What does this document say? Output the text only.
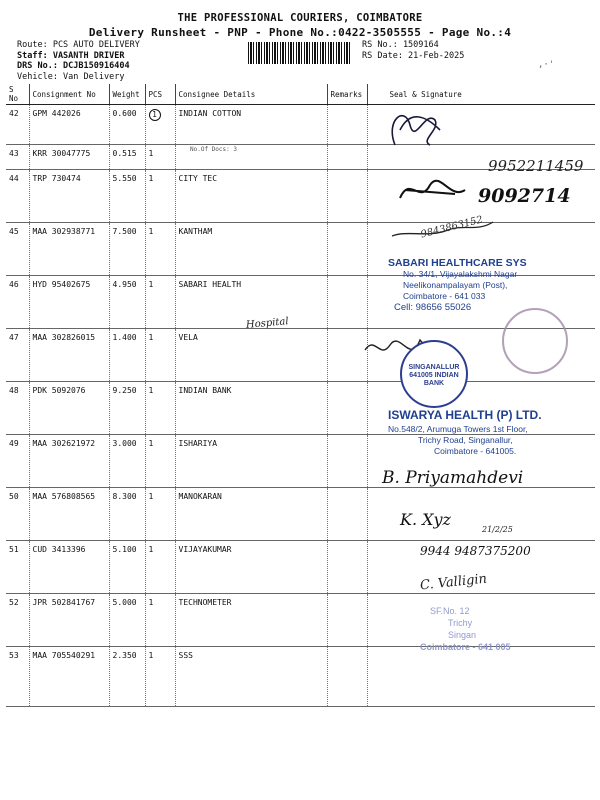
THE PROFESSIONAL COURIERS, COIMBATORE
Delivery Runsheet - PNP - Phone No.:0422-3505555 - Page No.:4
Route: PCS AUTO DELIVERY
Staff: VASANTH DRIVER
DRS No.: DCJB150916404
Vehicle: Van Delivery
RS No.: 1509164
RS Date: 21-Feb-2025
,·'
S No	Consignment No	Weight	PCS	Consignee Details	Remarks	Seal & Signature
42	GPM 442026	0.600	1	INDIAN COTTON		
43	KRR 30047775	0.515	1			
44	TRP 730474	5.550	1	CITY TEC		
45	MAA 302938771	7.500	1	KANTHAM		
46	HYD 95402675	4.950	1	SABARI HEALTH		
47	MAA 302826015	1.400	1	VELA		
48	PDK 5092076	9.250	1	INDIAN BANK		
49	MAA 302621972	3.000	1	ISHARIYA		
50	MAA 576808565	8.300	1	MANOKARAN		
51	CUD 3413396	5.100	1	VIJAYAKUMAR		
52	JPR 502841767	5.000	1	TECHNOMETER		
53	MAA 705540291	2.350	1	SSS		
No.Of Docs: 3
9952211459
9092714
9843863152
SABARI HEALTHCARE SYS
No. 34/1, Vijayalakshmi Nagar
Neelikonampalayam (Post),
Coimbatore - 641 033
Cell: 98656 55026
Hospital
SINGANALLUR 641005 INDIAN BANK
ISWARYA HEALTH (P) LTD.
No.548/2, Arumuga Towers 1st Floor,
Trichy Road, Singanallur,
Coimbatore - 641005.
B. Priyamahdevi
K. Xyz
21/2/25
9944 9487375200
C. Valligin
SF.No. 12
Trichy
Singan
Coimbatore - 641 005
